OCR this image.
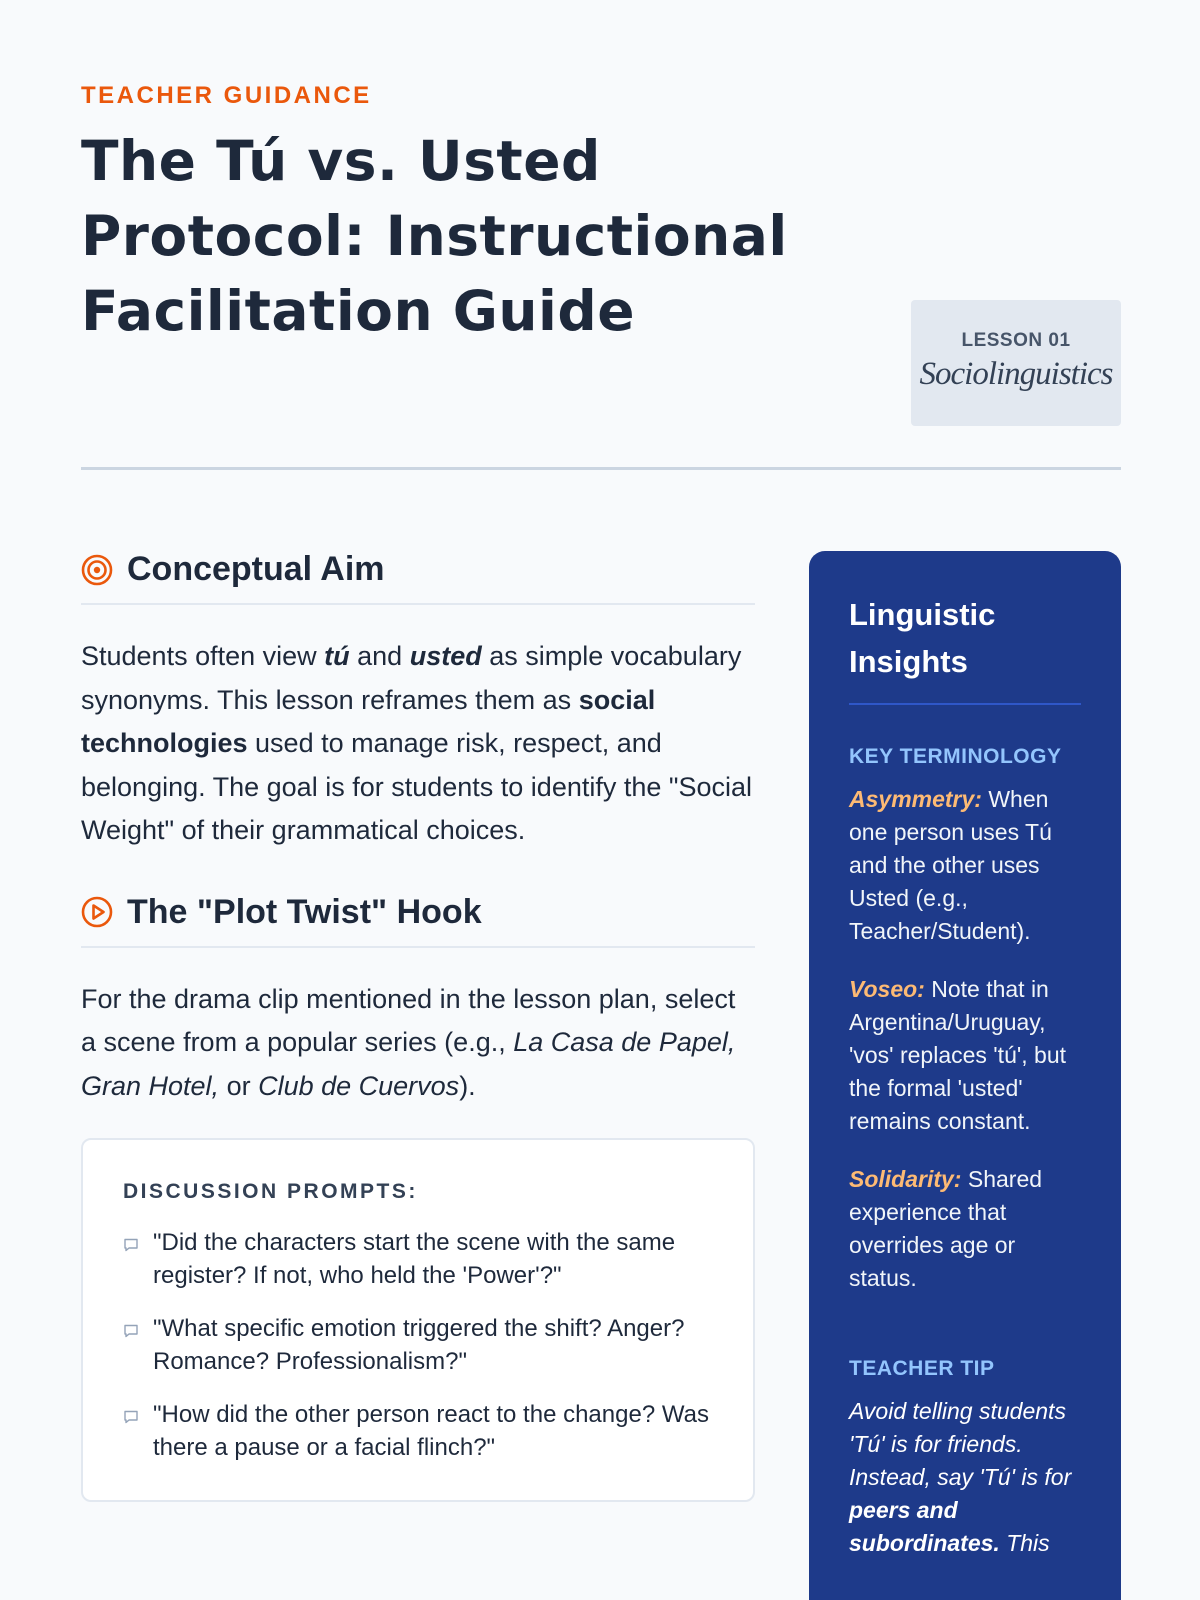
TEACHER GUIDANCE
The Tú vs. Usted Protocol: Instructional Facilitation Guide	LESSON 01
Sociolinguistics
Conceptual Aim

Students often view tú and usted as simple vocabulary synonyms. This lesson reframes them as social technologies used to manage risk, respect, and belonging. The goal is for students to identify the "Social Weight" of their grammatical choices.

The "Plot Twist" Hook

For the drama clip mentioned in the lesson plan, select a scene from a popular series (e.g., La Casa de Papel, Gran Hotel, or Club de Cuervos).

DISCUSSION PROMPTS:
"Did the characters start the scene with the same register? If not, who held the 'Power'?"
"What specific emotion triggered the shift? Anger? Romance? Professionalism?"
"How did the other person react to the change? Was there a pause or a facial flinch?"
Linguistic Insights
KEY TERMINOLOGY

Asymmetry: When one person uses Tú and the other uses Usted (e.g., Teacher/Student).

Voseo: Note that in Argentina/Uruguay, 'vos' replaces 'tú', but the formal 'usted' remains constant.

Solidarity: Shared experience that overrides age or status.

TEACHER TIP

Avoid telling students 'Tú' is for friends. Instead, say 'Tú' is for peers and subordinates. This
